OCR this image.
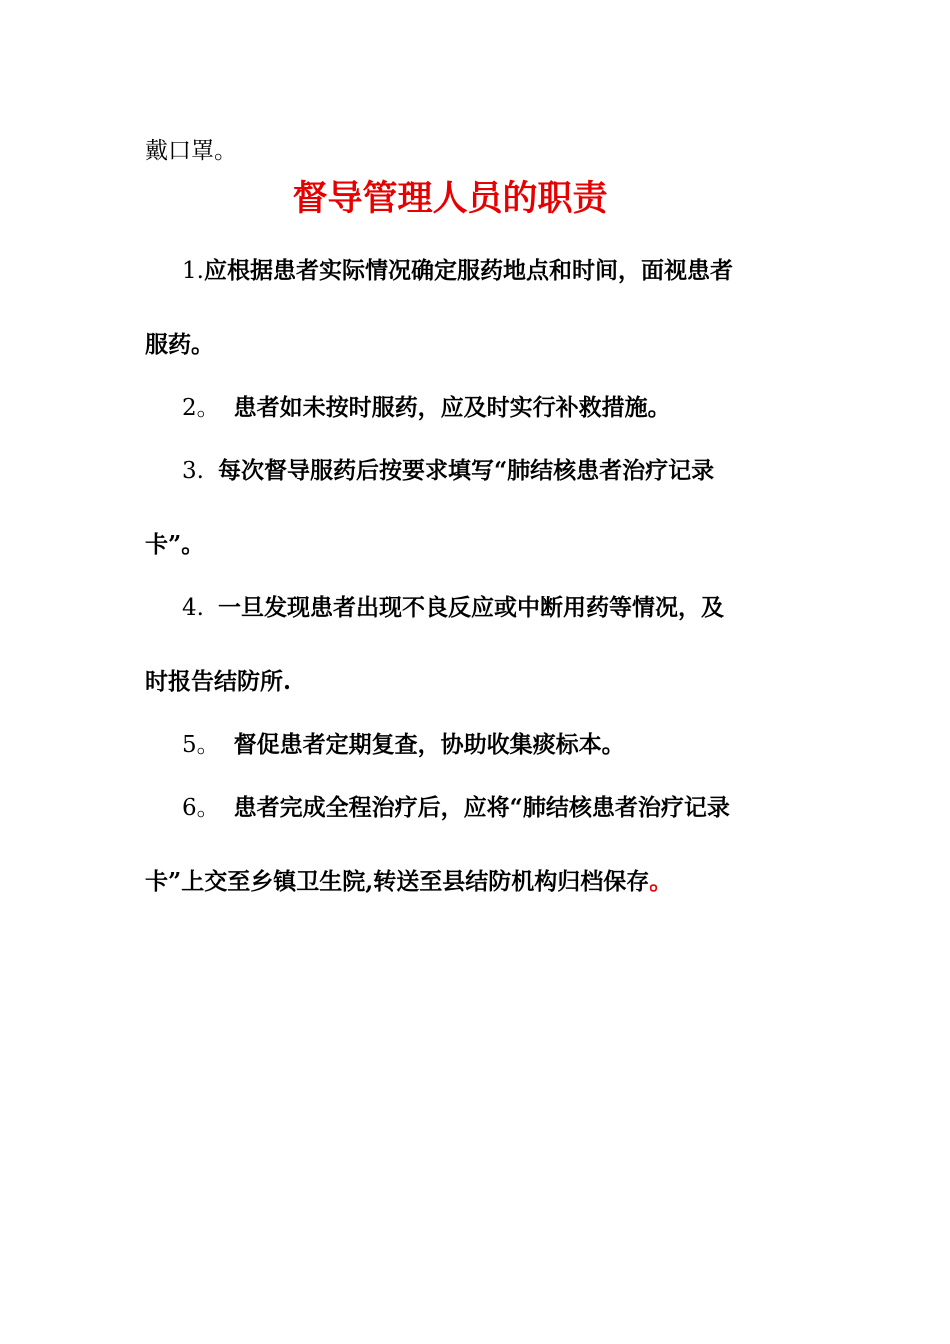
戴口罩。
督导管理人员的职责
1.应根据患者实际情况确定服药地点和时间，面视患者
服药。
2。 患者如未按时服药，应及时实行补救措施。
3. 每次督导服药后按要求填写“肺结核患者治疗记录
卡”。
4. 一旦发现患者出现不良反应或中断用药等情况，及
时报告结防所.
5。 督促患者定期复查，协助收集痰标本。
6。 患者完成全程治疗后，应将“肺结核患者治疗记录
卡”上交至乡镇卫生院,转送至县结防机构归档保存。
